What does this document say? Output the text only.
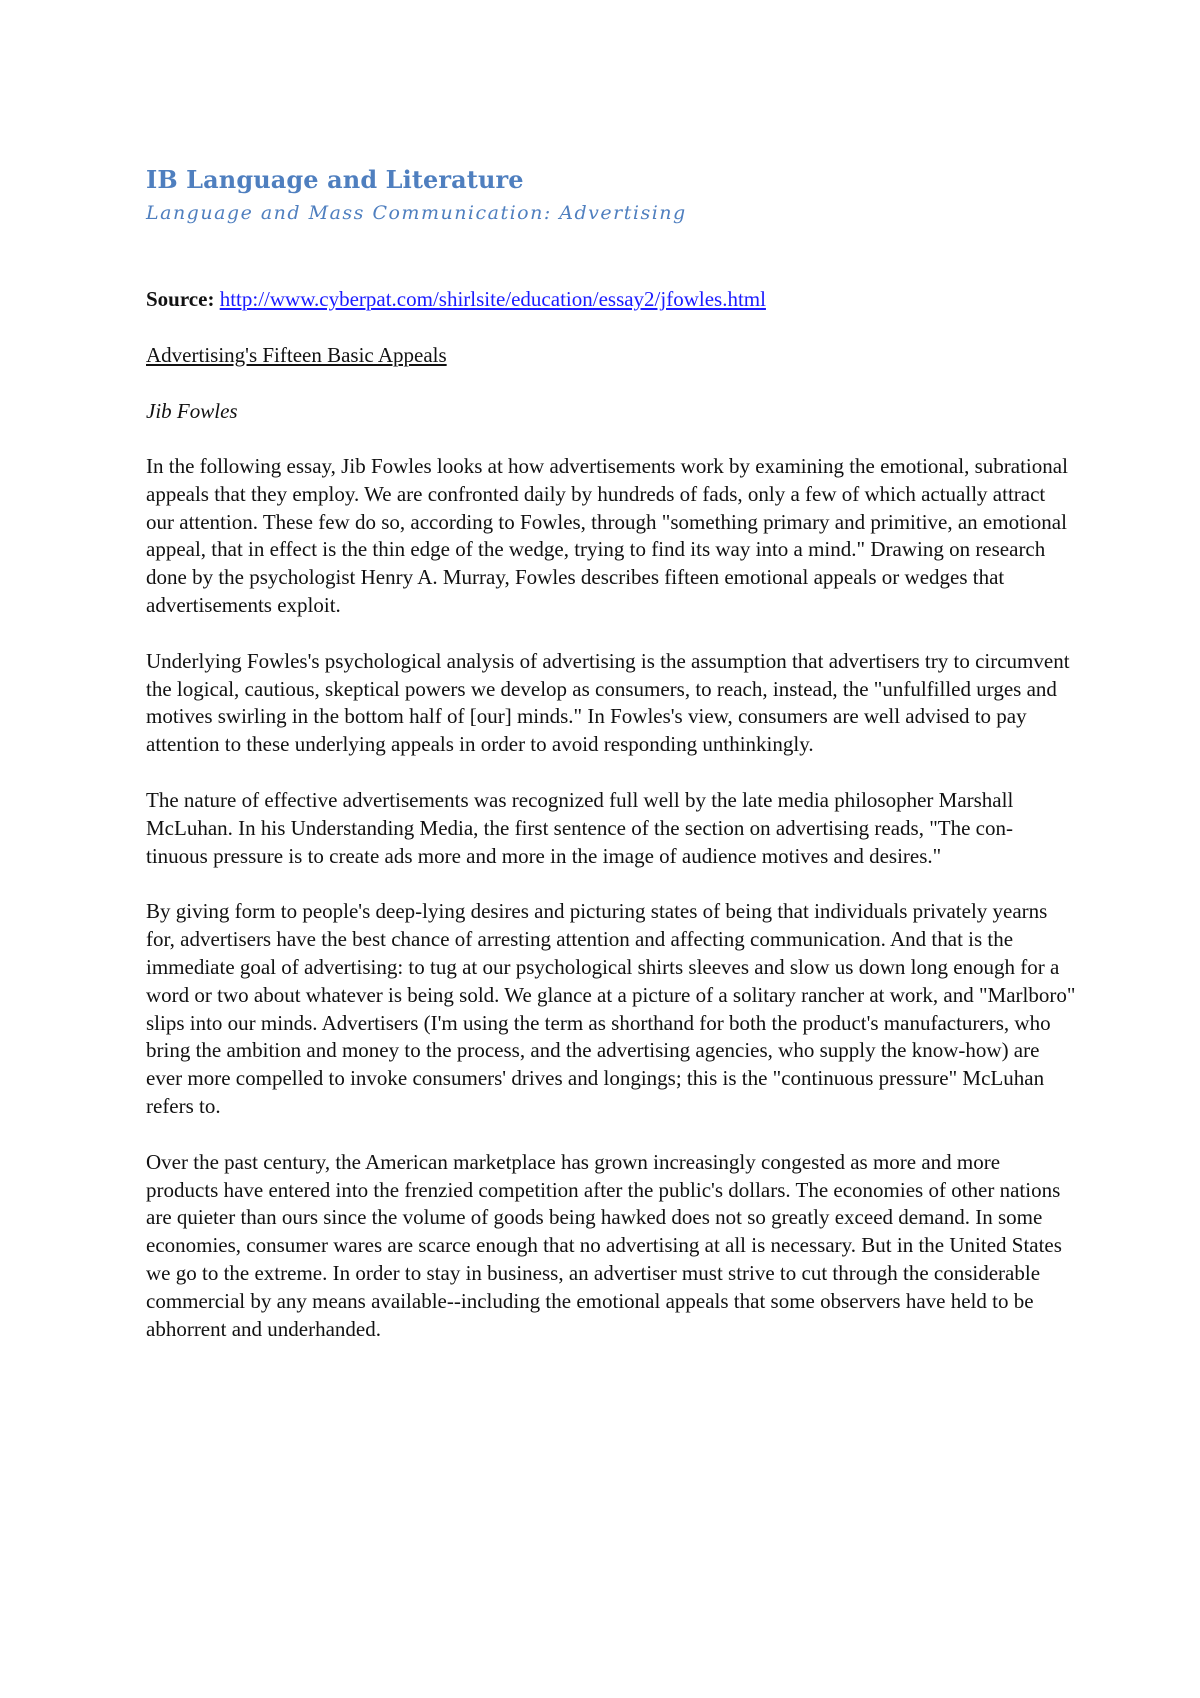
IB Language and Literature
Language and Mass Communication: Advertising

Source: http://www.cyberpat.com/shirlsite/education/essay2/jfowles.html

Advertising's Fifteen Basic Appeals

Jib Fowles

In the following essay, Jib Fowles looks at how advertisements work by examining the emotional, subrational appeals that they employ. We are confronted daily by hundreds of fads, only a few of which actually attract our attention. These few do so, according to Fowles, through "something primary and primitive, an emotional appeal, that in effect is the thin edge of the wedge, trying to find its way into a mind." Drawing on research done by the psychologist Henry A. Murray, Fowles describes fifteen emotional appeals or wedges that advertisements exploit.

Underlying Fowles's psychological analysis of advertising is the assumption that advertisers try to circumvent the logical, cautious, skeptical powers we develop as consumers, to reach, instead, the "unfulfilled urges and motives swirling in the bottom half of [our] minds." In Fowles's view, consumers are well advised to pay attention to these underlying appeals in order to avoid responding unthinkingly.

The nature of effective advertisements was recognized full well by the late media philosopher Marshall McLuhan. In his Understanding Media, the first sentence of the section on advertising reads, "The con- tinuous pressure is to create ads more and more in the image of audience motives and desires."

By giving form to people's deep-lying desires and picturing states of being that individuals privately yearns for, advertisers have the best chance of arresting attention and affecting communication. And that is the immediate goal of advertising: to tug at our psychological shirts sleeves and slow us down long enough for a word or two about whatever is being sold. We glance at a picture of a solitary rancher at work, and "Marlboro" slips into our minds. Advertisers (I'm using the term as shorthand for both the product's manufacturers, who bring the ambition and money to the process, and the advertising agencies, who supply the know-how) are ever more compelled to invoke consumers' drives and longings; this is the "continuous pressure" McLuhan refers to.

Over the past century, the American marketplace has grown increasingly congested as more and more products have entered into the frenzied competition after the public's dollars. The economies of other nations are quieter than ours since the volume of goods being hawked does not so greatly exceed demand. In some economies, consumer wares are scarce enough that no advertising at all is necessary. But in the United States we go to the extreme. In order to stay in business, an advertiser must strive to cut through the considerable commercial by any means available--including the emotional appeals that some observers have held to be abhorrent and underhanded.
